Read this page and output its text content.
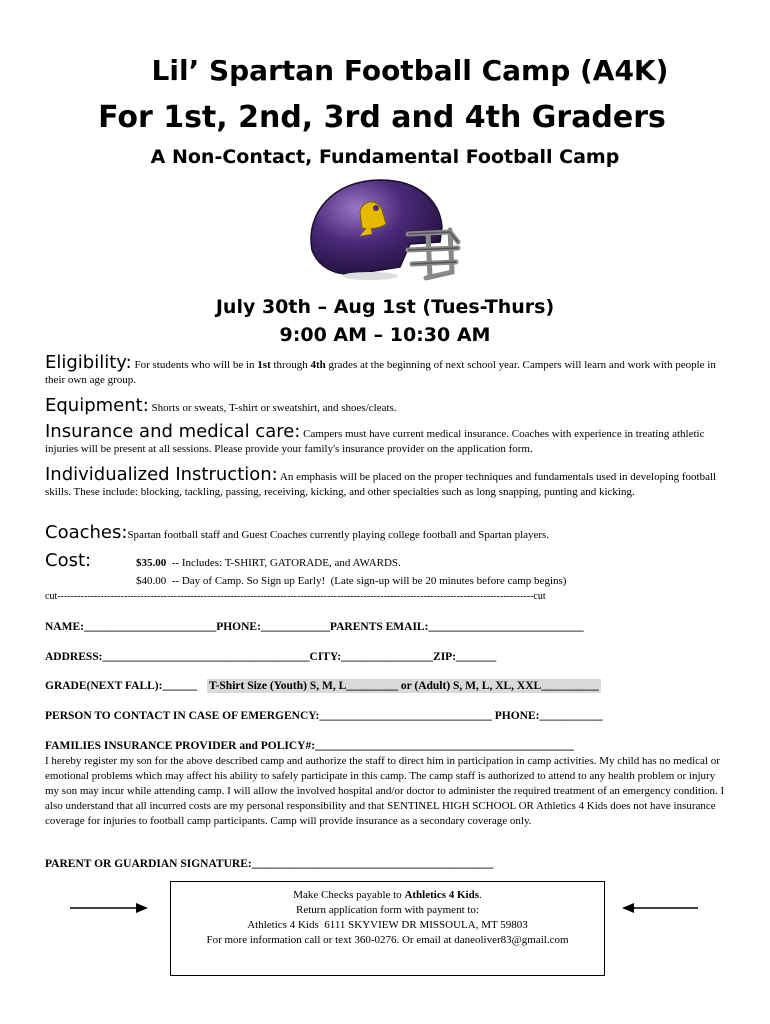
Lil’ Spartan Football Camp (A4K)
For 1st, 2nd, 3rd and 4th Graders
A Non-Contact, Fundamental Football Camp
July 30th – Aug 1st (Tues-Thurs)
9:00 AM – 10:30 AM
Eligibility: For students who will be in 1st through 4th grades at the beginning of next school year. Campers will learn and work with people in their own age group.
Equipment: Shorts or sweats, T-shirt or sweatshirt, and shoes/cleats.
Insurance and medical care: Campers must have current medical insurance. Coaches with experience in treating athletic injuries will be present at all sessions. Please provide your family's insurance provider on the application form.
Individualized Instruction: An emphasis will be placed on the proper techniques and fundamentals used in developing football skills. These include: blocking, tackling, passing, receiving, kicking, and other specialties such as long snapping, punting and kicking.
Coaches:Spartan football staff and Guest Coaches currently playing college football and Spartan players.
Cost:	$35.00  -- Includes: T-SHIRT, GATORADE, and AWARDS.
$40.00  -- Day of Camp. So Sign up Early!  (Late sign-up will be 20 minutes before camp begins)
cut-----------------------------------------------------------------------------------------------------------------------------------------------cut
NAME:_______________________PHONE:____________PARENTS EMAIL:___________________________
ADDRESS:____________________________________CITY:________________ZIP:_______
GRADE(NEXT FALL):______ T-Shirt Size (Youth) S, M, L_________ or (Adult) S, M, L, XL, XXL__________
PERSON TO CONTACT IN CASE OF EMERGENCY:______________________________ PHONE:___________
FAMILIES INSURANCE PROVIDER and POLICY#:_____________________________________________
I hereby register my son for the above described camp and authorize the staff to direct him in participation in camp activities. My child has no medical or emotional problems which may affect his ability to safely participate in this camp. The camp staff is authorized to attend to any health problem or injury my son may incur while attending camp. I will allow the involved hospital and/or doctor to administer the required treatment of an emergency condition. I also understand that all incurred costs are my personal responsibility and that SENTINEL HIGH SCHOOL OR Athletics 4 Kids does not have insurance coverage for injuries to football camp participants. Camp will provide insurance as a secondary coverage only.
PARENT OR GUARDIAN SIGNATURE:__________________________________________
Make Checks payable to Athletics 4 Kids.
Return application form with payment to:
Athletics 4 Kids  6111 SKYVIEW DR MISSOULA, MT 59803
For more information call or text 360-0276. Or email at daneoliver83@gmail.com
